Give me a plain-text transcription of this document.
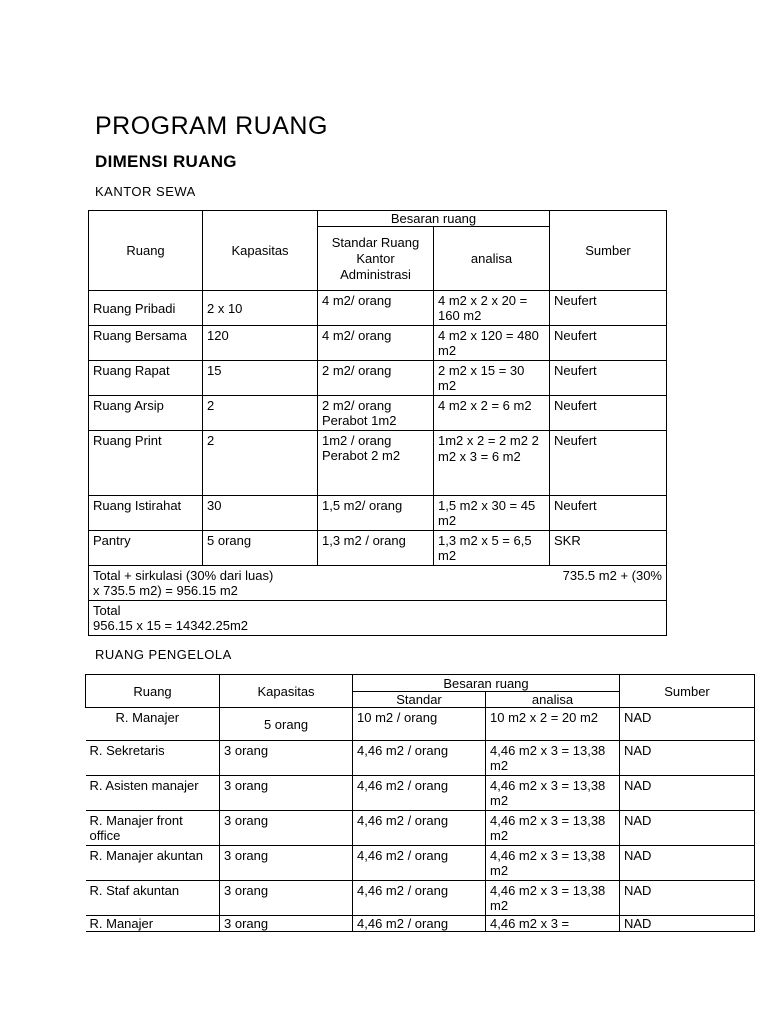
PROGRAM RUANG
DIMENSI RUANG
KANTOR SEWA
Ruang	Kapasitas	Besaran ruang		Sumber
		Standar Ruang Kantor Administrasi	analisa	
Ruang Pribadi	2 x 10	4 m2/ orang	4 m2 x 2 x 20 = 160 m2	Neufert
Ruang Bersama	120	4 m2/ orang	4 m2 x 120 = 480 m2	Neufert
Ruang Rapat	15	2 m2/ orang	2 m2 x 15 = 30 m2	Neufert
Ruang Arsip	2	2 m2/ orang Perabot 1m2	4 m2 x 2 = 6 m2	Neufert
Ruang Print	2	1m2 / orang Perabot 2 m2	1m2 x 2 = 2 m2 2 m2 x 3 = 6 m2	Neufert
Ruang Istirahat	30	1,5 m2/ orang	1,5 m2 x 30 = 45 m2	Neufert
Pantry	5 orang	1,3 m2 / orang	1,3 m2 x 5 = 6,5 m2	SKR

Total + sirkulasi (30% dari luas) 735.5 m2 + (30%
x 735.5 m2) = 956.15 m2				

Total
956.15 x 15 = 14342.25m2				
RUANG PENGELOLA
Ruang	Kapasitas	Besaran ruang		Sumber
		Standar	analisa	
R. Manajer	5 orang	10 m2 / orang	10 m2 x 2 = 20 m2	NAD
R. Sekretaris	3 orang	4,46 m2 / orang	4,46 m2 x 3 = 13,38 m2	NAD
R. Asisten manajer	3 orang	4,46 m2 / orang	4,46 m2 x 3 = 13,38 m2	NAD
R. Manajer front office	3 orang	4,46 m2 / orang	4,46 m2 x 3 = 13,38 m2	NAD
R. Manajer akuntan	3 orang	4,46 m2 / orang	4,46 m2 x 3 = 13,38 m2	NAD
R. Staf akuntan	3 orang	4,46 m2 / orang	4,46 m2 x 3 = 13,38 m2	NAD
R. Manajer	3 orang	4,46 m2 / orang	4,46 m2 x 3 =	NAD
